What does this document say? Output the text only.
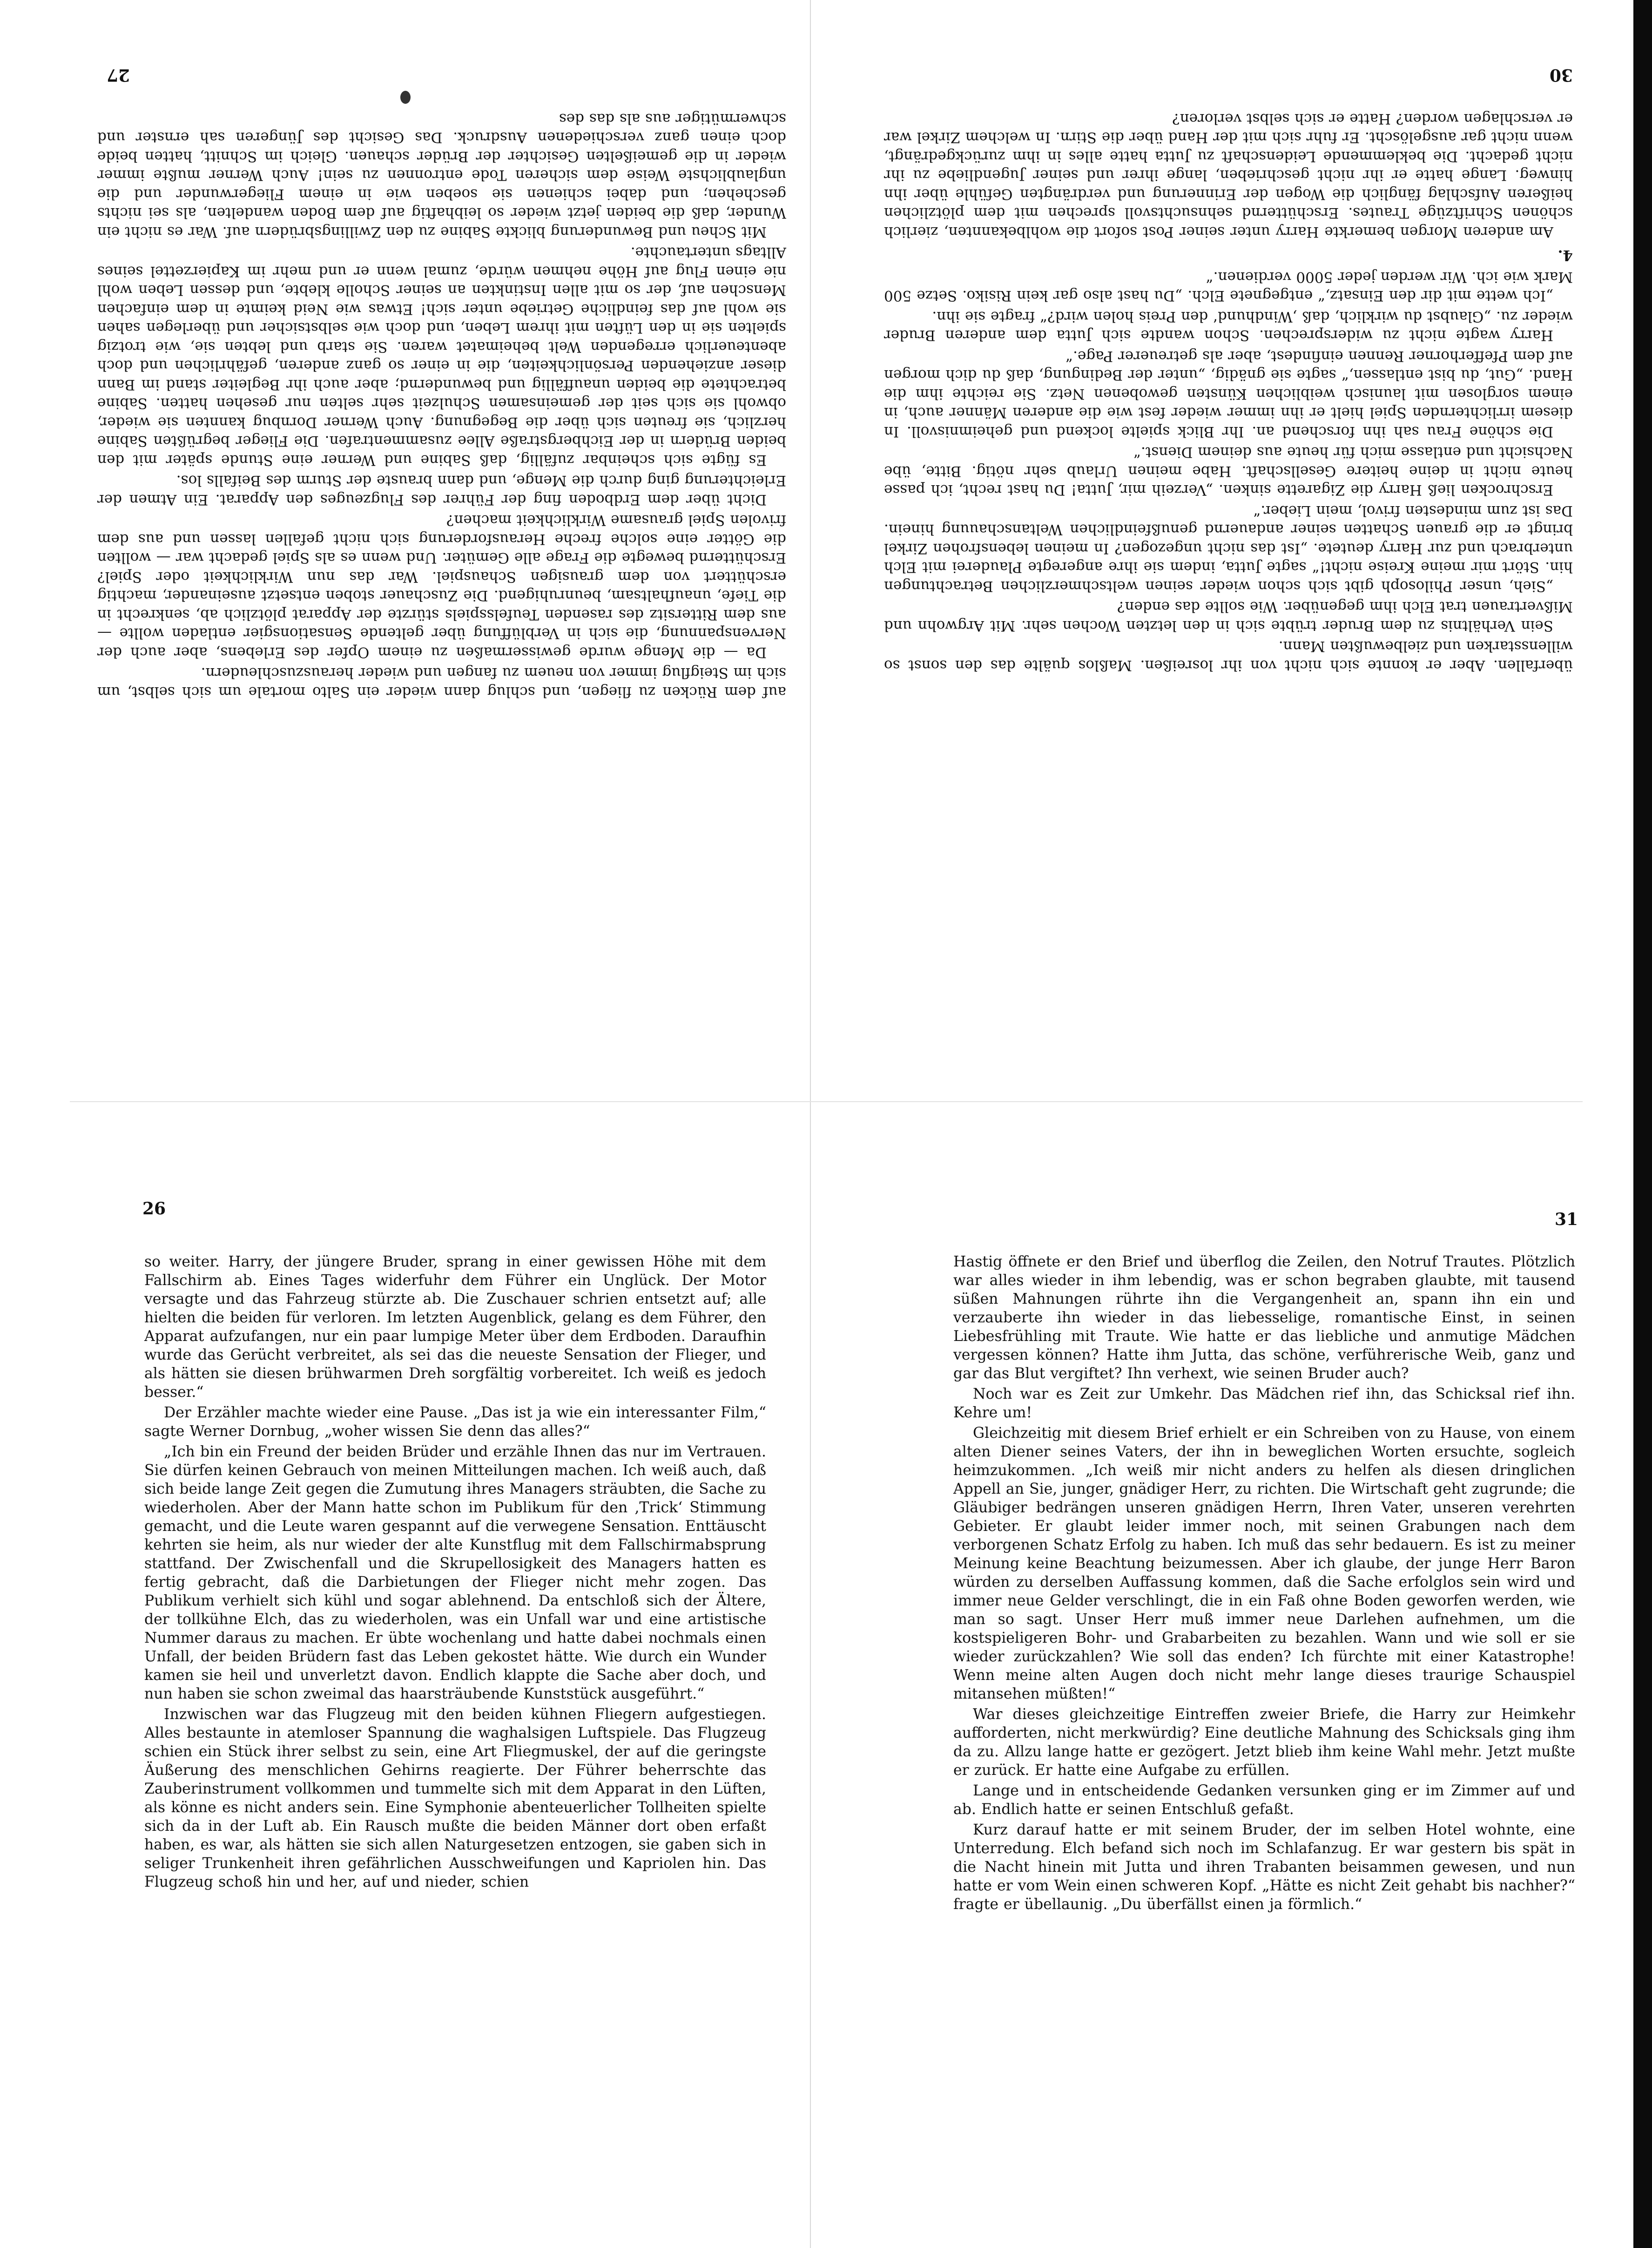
30

überfallen. Aber er konnte sich nicht von ihr losreißen. Maßlos quälte das den sonst so willensstarken und zielbewußten Mann.

Sein Verhältnis zu dem Bruder trübte sich in den letzten Wochen sehr. Mit Argwohn und Mißvertrauen trat Elch ihm gegenüber. Wie sollte das enden?

„Sieh, unser Philosoph gibt sich schon wieder seinen weltschmerzlichen Betrachtungen hin. Stört mir meine Kreise nicht!“ sagte Jutta, indem sie ihre angeregte Plauderei mit Elch unterbrach und zur Harry deutete. „Ist das nicht ungezogen? In meinen lebensfrohen Zirkel bringt er die grauen Schatten seiner andauernd genußfeindlichen Weltanschauung hinein. Das ist zum mindesten frivol, mein Lieber.“

Erschrocken ließ Harry die Zigarette sinken. „Verzeih mir, Jutta! Du hast recht, ich passe heute nicht in deine heitere Gesellschaft. Habe meinen Urlaub sehr nötig. Bitte, übe Nachsicht und entlasse mich für heute aus deinem Dienst.“

Die schöne Frau sah ihn forschend an. Ihr Blick spielte lockend und geheimnisvoll. In diesem irrlichternden Spiel hielt er ihn immer wieder fest wie die anderen Männer auch, in einem sorglosen mit launisch weiblichen Künsten gewobenen Netz. Sie reichte ihm die Hand. „Gut, du bist entlassen,“ sagte sie gnädig, „unter der Bedingung, daß du dich morgen auf dem Pfefferhorner Rennen einfindest, aber als getreuerer Page.“

Harry wagte nicht zu widersprechen. Schon wandte sich Jutta dem anderen Bruder wieder zu. „Glaubst du wirklich, daß ‚Windhund‘ den Preis holen wird?“ fragte sie ihn.

„Ich wette mit dir den Einsatz,“ entgegnete Elch. „Du hast also gar kein Risiko. Setze 500 Mark wie ich. Wir werden jeder 5000 verdienen.“

4.

Am anderen Morgen bemerkte Harry unter seiner Post sofort die wohlbekannten, zierlich schönen Schriftzüge Trautes. Erschütternd sehnsuchtsvoll sprechen mit dem plötzlichen heißeren Aufschlag fänglich die Wogen der Erinnerung und verdrängten Gefühle über ihn hinweg. Lange hatte er ihr nicht geschrieben, lange ihrer und seiner Jugendliebe zu ihr nicht gedacht. Die beklemmende Leidenschaft zu Jutta hatte alles in ihm zurückgedrängt, wenn nicht gar ausgelöscht. Er fuhr sich mit der Hand über die Stirn. In welchem Zirkel war er verschlagen worden? Hatte er sich selbst verloren?

27

auf dem Rücken zu fliegen, und schlug dann wieder ein Salto mortale um sich selbst, um sich im Steigflug immer von neuem zu fangen und wieder herauszuschleudern.

Da — die Menge wurde gewissermaßen zu einem Opfer des Erlebens, aber auch der Nervenspannung, die sich in Verblüffung über geltende Sensationsgier entladen wollte — aus dem Rittersitz des rasenden Teufelsspiels stürzte der Apparat plötzlich ab, senkrecht in die Tiefe, unaufhaltsam, beunruhigend. Die Zuschauer stoben entsetzt auseinander, machtig erschüttert von dem grausigen Schauspiel. War das nun Wirklichkeit oder Spiel? Erschütternd bewegte die Frage alle Gemüter. Und wenn es als Spiel gedacht war — wollten die Götter eine solche freche Herausforderung sich nicht gefallen lassen und aus dem frivolen Spiel grausame Wirklichkeit machen?

Dicht über dem Erdboden fing der Führer des Flugzeuges den Apparat. Ein Atmen der Erleichterung ging durch die Menge, und dann brauste der Sturm des Beifalls los.

Es fügte sich scheinbar zufällig, daß Sabine und Werner eine Stunde später mit den beiden Brüdern in der Eichbergstraße Allee zusammentrafen. Die Flieger begrüßten Sabine herzlich, sie freuten sich über die Begegnung. Auch Werner Dornbug kannten sie wieder, obwohl sie sich seit der gemeinsamen Schulzeit sehr selten nur gesehen hatten. Sabine betrachtete die beiden unauffällig und bewundernd; aber auch ihr Begleiter stand im Bann dieser anziehenden Persönlichkeiten, die in einer so ganz anderen, gefährlichen und doch abenteuerlich erregenden Welt beheimatet waren. Sie starb und lebten sie, wie trotzig spielten sie in den Lüften mit ihrem Leben, und doch wie selbstsicher und überlegen sahen sie wohl auf das feindliche Getriebe unter sich! Etwas wie Neid keimte in dem einfachen Menschen auf, der so mit allen Instinkten an seiner Scholle klebte, und dessen Leben wohl nie einen Flug auf Höhe nehmen würde, zumal wenn er und mehr im Kapierzettel seines Alltags untertauchte.

Mit Scheu und Bewunderung blickte Sabine zu den Zwillingsbrüdern auf. War es nicht ein Wunder, daß die beiden jetzt wieder so leibhaftig auf dem Boden wandelten, als sei nichts geschehen; und dabei schienen sie soeben wie in einem Fliegerwunder und die unglaublichste Weise dem sicheren Tode entronnen zu sein! Auch Werner mußte immer wieder in die gemeißelten Gesichter der Brüder schauen. Gleich im Schnitt, hatten beide doch einen ganz verschiedenen Ausdruck. Das Gesicht des Jüngeren sah ernster und schwermütiger aus als das des

26

so weiter. Harry, der jüngere Bruder, sprang in einer gewissen Höhe mit dem Fallschirm ab. Eines Tages widerfuhr dem Führer ein Unglück. Der Motor versagte und das Fahrzeug stürzte ab. Die Zuschauer schrien entsetzt auf; alle hielten die beiden für verloren. Im letzten Augenblick, gelang es dem Führer, den Apparat aufzufangen, nur ein paar lumpige Meter über dem Erdboden. Daraufhin wurde das Gerücht verbreitet, als sei das die neueste Sensation der Flieger, und als hätten sie diesen brühwarmen Dreh sorgfältig vorbereitet. Ich weiß es jedoch besser.“

Der Erzähler machte wieder eine Pause. „Das ist ja wie ein interessanter Film,“ sagte Werner Dornbug, „woher wissen Sie denn das alles?“

„Ich bin ein Freund der beiden Brüder und erzähle Ihnen das nur im Vertrauen. Sie dürfen keinen Gebrauch von meinen Mitteilungen machen. Ich weiß auch, daß sich beide lange Zeit gegen die Zumutung ihres Managers sträubten, die Sache zu wiederholen. Aber der Mann hatte schon im Publikum für den ‚Trick‘ Stimmung gemacht, und die Leute waren gespannt auf die verwegene Sensation. Enttäuscht kehrten sie heim, als nur wieder der alte Kunstflug mit dem Fallschirmabsprung stattfand. Der Zwischenfall und die Skrupellosigkeit des Managers hatten es fertig gebracht, daß die Darbietungen der Flieger nicht mehr zogen. Das Publikum verhielt sich kühl und sogar ablehnend. Da entschloß sich der Ältere, der tollkühne Elch, das zu wiederholen, was ein Unfall war und eine artistische Nummer daraus zu machen. Er übte wochenlang und hatte dabei nochmals einen Unfall, der beiden Brüdern fast das Leben gekostet hätte. Wie durch ein Wunder kamen sie heil und unverletzt davon. Endlich klappte die Sache aber doch, und nun haben sie schon zweimal das haarsträubende Kunststück ausgeführt.“

Inzwischen war das Flugzeug mit den beiden kühnen Fliegern aufgestiegen. Alles bestaunte in atemloser Spannung die waghalsigen Luftspiele. Das Flugzeug schien ein Stück ihrer selbst zu sein, eine Art Fliegmuskel, der auf die geringste Äußerung des menschlichen Gehirns reagierte. Der Führer beherrschte das Zauberinstrument vollkommen und tummelte sich mit dem Apparat in den Lüften, als könne es nicht anders sein. Eine Symphonie abenteuerlicher Tollheiten spielte sich da in der Luft ab. Ein Rausch mußte die beiden Männer dort oben erfaßt haben, es war, als hätten sie sich allen Naturgesetzen entzogen, sie gaben sich in seliger Trunkenheit ihren gefährlichen Ausschweifungen und Kapriolen hin. Das Flugzeug schoß hin und her, auf und nieder, schien

31

Hastig öffnete er den Brief und überflog die Zeilen, den Notruf Trautes. Plötzlich war alles wieder in ihm lebendig, was er schon begraben glaubte, mit tausend süßen Mahnungen rührte ihn die Vergangenheit an, spann ihn ein und verzauberte ihn wieder in das liebesselige, romantische Einst, in seinen Liebesfrühling mit Traute. Wie hatte er das liebliche und anmutige Mädchen vergessen können? Hatte ihm Jutta, das schöne, verführerische Weib, ganz und gar das Blut vergiftet? Ihn verhext, wie seinen Bruder auch?

Noch war es Zeit zur Umkehr. Das Mädchen rief ihn, das Schicksal rief ihn. Kehre um!

Gleichzeitig mit diesem Brief erhielt er ein Schreiben von zu Hause, von einem alten Diener seines Vaters, der ihn in beweglichen Worten ersuchte, sogleich heimzukommen. „Ich weiß mir nicht anders zu helfen als diesen dringlichen Appell an Sie, junger, gnädiger Herr, zu richten. Die Wirtschaft geht zugrunde; die Gläubiger bedrängen unseren gnädigen Herrn, Ihren Vater, unseren verehrten Gebieter. Er glaubt leider immer noch, mit seinen Grabungen nach dem verborgenen Schatz Erfolg zu haben. Ich muß das sehr bedauern. Es ist zu meiner Meinung keine Beachtung beizumessen. Aber ich glaube, der junge Herr Baron würden zu derselben Auffassung kommen, daß die Sache erfolglos sein wird und immer neue Gelder verschlingt, die in ein Faß ohne Boden geworfen werden, wie man so sagt. Unser Herr muß immer neue Darlehen aufnehmen, um die kostspieligeren Bohr- und Grabarbeiten zu bezahlen. Wann und wie soll er sie wieder zurückzahlen? Wie soll das enden? Ich fürchte mit einer Katastrophe! Wenn meine alten Augen doch nicht mehr lange dieses traurige Schauspiel mitansehen müßten!“

War dieses gleichzeitige Eintreffen zweier Briefe, die Harry zur Heimkehr aufforderten, nicht merkwürdig? Eine deutliche Mahnung des Schicksals ging ihm da zu. Allzu lange hatte er gezögert. Jetzt blieb ihm keine Wahl mehr. Jetzt mußte er zurück. Er hatte eine Aufgabe zu erfüllen.

Lange und in entscheidende Gedanken versunken ging er im Zimmer auf und ab. Endlich hatte er seinen Entschluß gefaßt.

Kurz darauf hatte er mit seinem Bruder, der im selben Hotel wohnte, eine Unterredung. Elch befand sich noch im Schlafanzug. Er war gestern bis spät in die Nacht hinein mit Jutta und ihren Trabanten beisammen gewesen, und nun hatte er vom Wein einen schweren Kopf. „Hätte es nicht Zeit gehabt bis nachher?“ fragte er übellaunig. „Du überfällst einen ja förmlich.“
